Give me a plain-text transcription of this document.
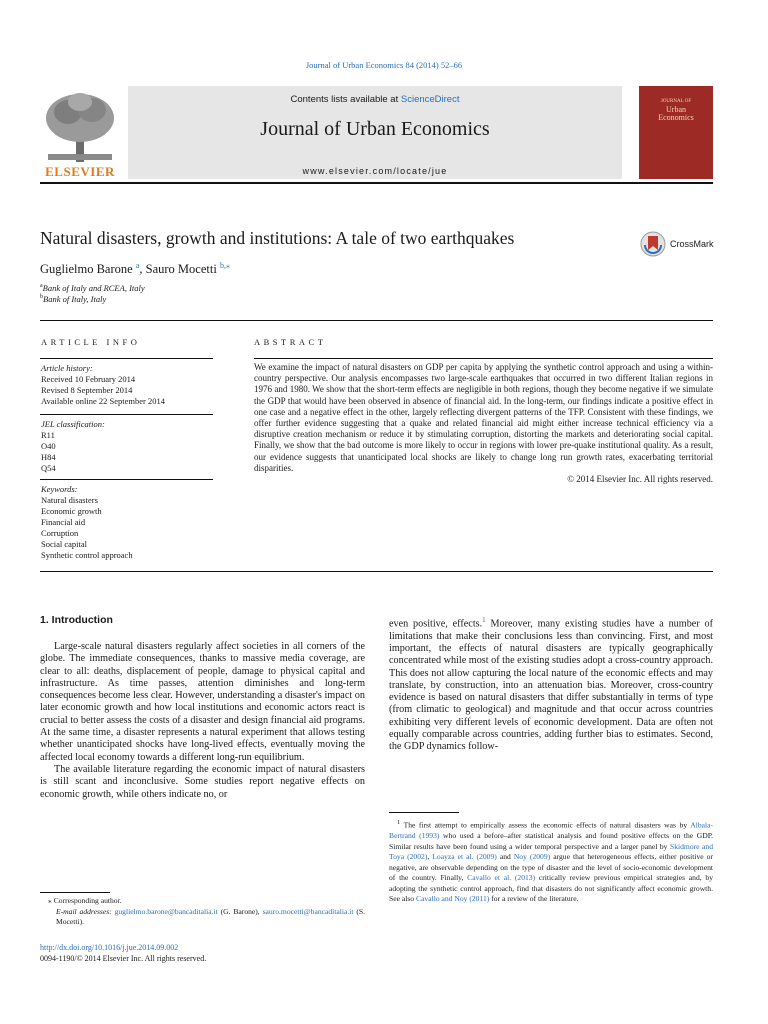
Journal of Urban Economics 84 (2014) 52–66
ELSEVIER
Contents lists available at ScienceDirect
Journal of Urban Economics
www.elsevier.com/locate/jue
JOURNAL OF
Urban
Economics
Natural disasters, growth and institutions: A tale of two earthquakes	CrossMark
Guglielmo Barone $^a$, Sauro Mocetti $^{b,⁎}$
$^a$Bank of Italy and RCEA, Italy
$^b$Bank of Italy, Italy
ARTICLE INFO
Article history:
Received 10 February 2014
Revised 8 September 2014
Available online 22 September 2014
JEL classification:
R11
O40
H84
Q54
Keywords:
Natural disasters
Economic growth
Financial aid
Corruption
Social capital
Synthetic control approach
ABSTRACT
We examine the impact of natural disasters on GDP per capita by applying the synthetic control approach and using a within-country perspective. Our analysis encompasses two large-scale earthquakes that occurred in two different Italian regions in 1976 and 1980. We show that the short-term effects are negligible in both regions, though they become negative if we simulate the GDP that would have been observed in absence of financial aid. In the long-term, our findings indicate a positive effect in one case and a negative effect in the other, largely reflecting divergent patterns of the TFP. Consistent with these findings, we offer further evidence suggesting that a quake and related financial aid might either increase technical efficiency via a disruptive creation mechanism or reduce it by stimulating corruption, distorting the markets and deteriorating social capital. Finally, we show that the bad outcome is more likely to occur in regions with lower pre-quake institutional quality. As a result, our evidence suggests that unanticipated local shocks are likely to change long run growth rates, exacerbating territorial disparities.
© 2014 Elsevier Inc. All rights reserved.
1. Introduction

Large-scale natural disasters regularly affect societies in all corners of the globe. The immediate consequences, thanks to massive media coverage, are clear to all: deaths, displacement of people, damage to physical capital and infrastructure. As time passes, attention diminishes and long-term consequences become less clear. However, understanding a disaster's impact on later economic growth and how local institutions and economic actors react is crucial to better assess the costs of a disaster and design financial aid programs. At the same time, a disaster represents a natural experiment that allows testing whether unanticipated shocks have long-lived effects, eventually moving the affected local economy towards a different long-run equilibrium.

The available literature regarding the economic impact of natural disasters is still scant and inconclusive. Some studies report negative effects on economic growth, while others indicate no, or

even positive, effects.$^1$ Moreover, many existing studies have a number of limitations that make their conclusions less than convincing. First, and most important, the effects of natural disasters are typically geographically concentrated while most of the existing studies adopt a cross-country approach. This does not allow capturing the local nature of the economic effects and may translate, by construction, into an attenuation bias. Moreover, cross-country evidence is based on natural disasters that differ substantially in terms of type (from climatic to geological) and magnitude and that occur across countries exhibiting very different levels of economic development. Data are often not equally comparable across countries, adding further bias to estimates. Second, the GDP dynamics follow-

$^1$ The first attempt to empirically assess the economic effects of natural disasters was by Albala-Bertrand (1993) who used a before–after statistical analysis and found positive effects on the GDP. Similar results have been found using a wider temporal perspective and a larger panel by Skidmore and Toya (2002), Loayza et al. (2009) and Noy (2009) argue that heterogeneous effects, either positive or negative, are observable depending on the type of disaster and the level of socio-economic development of the country. Finally, Cavallo et al. (2013) critically review previous empirical strategies and, by adopting the synthetic control approach, find that disasters do not significantly affect economic growth. See also Cavallo and Noy (2011) for a review of the literature.
⁎ Corresponding author.
E-mail addresses: guglielmo.barone@bancaditalia.it (G. Barone), sauro.mocetti@bancaditalia.it (S. Mocetti).
http://dx.doi.org/10.1016/j.jue.2014.09.002
0094-1190/© 2014 Elsevier Inc. All rights reserved.
